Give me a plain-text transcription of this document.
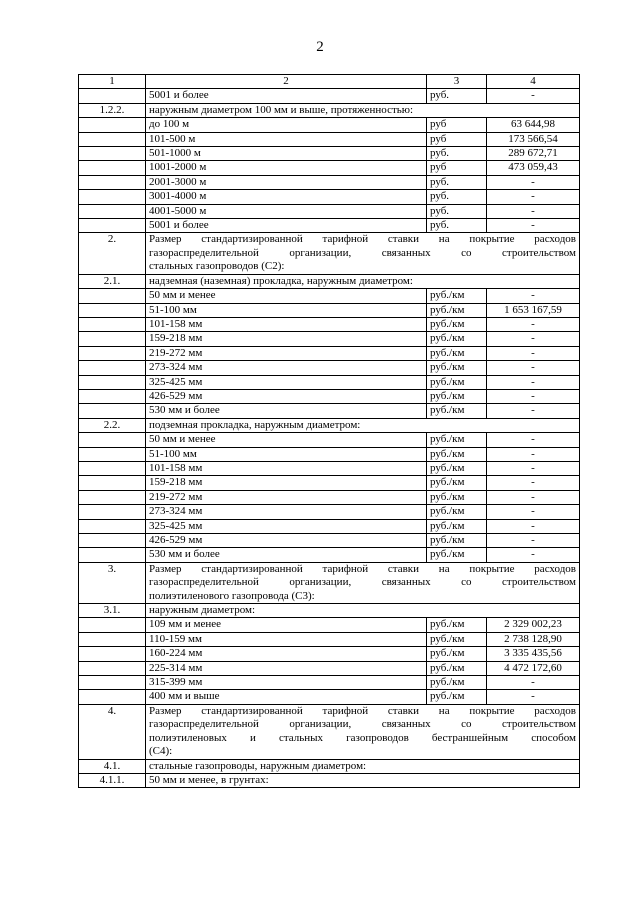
2
1	2	3	4

	5001 и более	руб.	-
1.2.2.	наружным диаметром 100 мм и выше, протяженностью:		

	до 100 м	руб	63 644,98

	101-500 м	руб	173 566,54

	501-1000 м	руб.	289 672,71

	1001-2000 м	руб	473 059,43

	2001-3000 м	руб.	-

	3001-4000 м	руб.	-

	4001-5000 м	руб.	-

	5001 и более	руб.	-
2.	Размер стандартизированной тарифной ставки на покрытие расходов
газораспределительной организации, связанных со строительством
стальных газопроводов (С2):		

2.1.	надземная (наземная) прокладка, наружным диаметром:		

	50 мм и менее	руб./км	-

	51-100 мм	руб./км	1 653 167,59

	101-158 мм	руб./км	-

	159-218 мм	руб./км	-

	219-272 мм	руб./км	-

	273-324 мм	руб./км	-

	325-425 мм	руб./км	-

	426-529 мм	руб./км	-

	530 мм и более	руб./км	-
2.2.	подземная прокладка, наружным диаметром:		

	50 мм и менее	руб./км	-

	51-100 мм	руб./км	-

	101-158 мм	руб./км	-

	159-218 мм	руб./км	-

	219-272 мм	руб./км	-

	273-324 мм	руб./км	-

	325-425 мм	руб./км	-

	426-529 мм	руб./км	-

	530 мм и более	руб./км	-
3.	Размер стандартизированной тарифной ставки на покрытие расходов
газораспределительной организации, связанных со строительством
полиэтиленового газопровода (С3):		

3.1.	наружным диаметром:		

	109 мм и менее	руб./км	2 329 002,23

	110-159 мм	руб./км	2 738 128,90

	160-224 мм	руб./км	3 335 435,56

	225-314 мм	руб./км	4 472 172,60

	315-399 мм	руб./км	-

	400 мм и выше	руб./км	-
4.	Размер стандартизированной тарифной ставки на покрытие расходов
газораспределительной организации, связанных со строительством
полиэтиленовых и стальных газопроводов бестраншейным способом
(С4):		

4.1.	стальные газопроводы, наружным диаметром:		

4.1.1.	50 мм и менее, в грунтах:		
